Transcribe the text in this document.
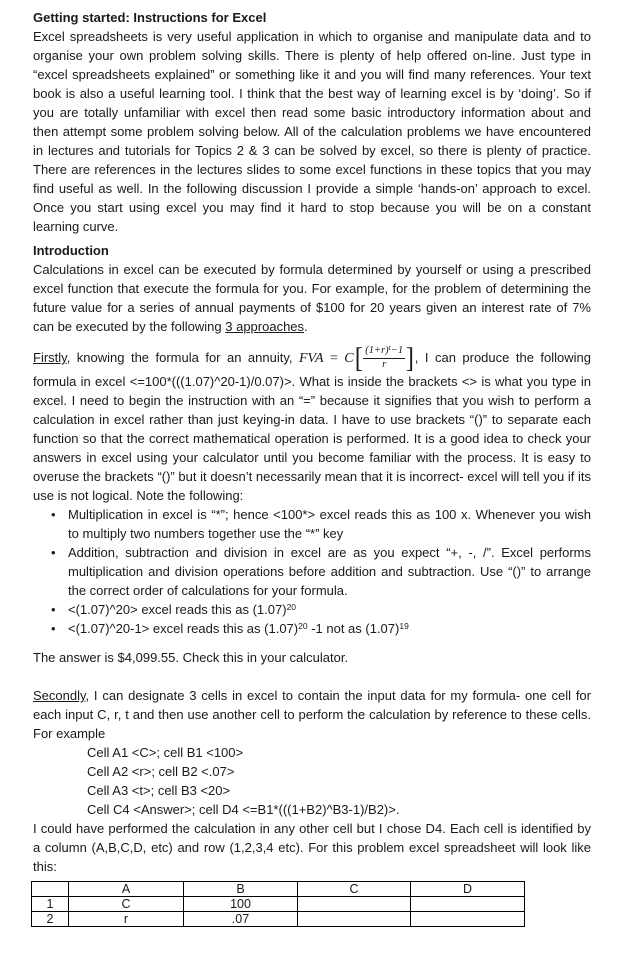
Getting started: Instructions for Excel

Excel spreadsheets is very useful application in which to organise and manipulate data and to organise your own problem solving skills. There is plenty of help offered on-line. Just type in “excel spreadsheets explained” or something like it and you will find many references. Your text book is also a useful learning tool. I think that the best way of learning excel is by ‘doing’. So if you are totally unfamiliar with excel then read some basic introductory information about and then attempt some problem solving below. All of the calculation problems we have encountered in lectures and tutorials for Topics 2 & 3 can be solved by excel, so there is plenty of practice. There are references in the lectures slides to some excel functions in these topics that you may find useful as well. In the following discussion I provide a simple ‘hands-on’ approach to excel. Once you start using excel you may find it hard to stop because you will be on a constant learning curve.

Introduction

Calculations in excel can be executed by formula determined by yourself or using a prescribed excel function that execute the formula for you. For example, for the problem of determining the future value for a series of annual payments of $100 for 20 years given an interest rate of 7% can be executed by the following 3 approaches.

Firstly, knowing the formula for an annuity, FVA = $C[ \frac{(1+r)^t-1}{r}$ ], I can produce the following formula in excel <=100*(((1.07)^20-1)/0.07)>. What is inside the brackets <> is what you type in excel. I need to begin the instruction with an “=” because it signifies that you wish to perform a calculation in excel rather than just keying-in data. I have to use brackets “()” to separate each function so that the correct mathematical operation is performed. It is a good idea to check your answers in excel using your calculator until you become familiar with the process. It is easy to overuse the brackets “()” but it doesn’t necessarily mean that it is incorrect- excel will tell you if its use is not logical. Note the following:

• Multiplication in excel is “*”; hence <100*> excel reads this as 100 x. Whenever you wish to multiply two numbers together use the “*” key
• Addition, subtraction and division in excel are as you expect “+, -, /”. Excel performs multiplication and division operations before addition and subtraction. Use “()” to arrange the correct order of calculations for your formula.
• <(1.07)^20> excel reads this as $(1.07)^{20}$
• <(1.07)^20-1> excel reads this as $(1.07)^{20}$ -1 not as $(1.07)^{19}$

The answer is $4,099.55. Check this in your calculator.

Secondly, I can designate 3 cells in excel to contain the input data for my formula- one cell for each input C, r, t and then use another cell to perform the calculation by reference to these cells. For example

Cell A1 <C>; cell B1 <100>

Cell A2 <r>; cell B2 <.07>

Cell A3 <t>; cell B3 <20>

Cell C4 <Answer>; cell D4 <=B1*(((1+B2)^B3-1)/B2)>.

I could have performed the calculation in any other cell but I chose D4. Each cell is identified by a column (A,B,C,D, etc) and row (1,2,3,4 etc). For this problem excel spreadsheet will look like this:

	A	B	C	D
1	C	100		
2	r	.07		
